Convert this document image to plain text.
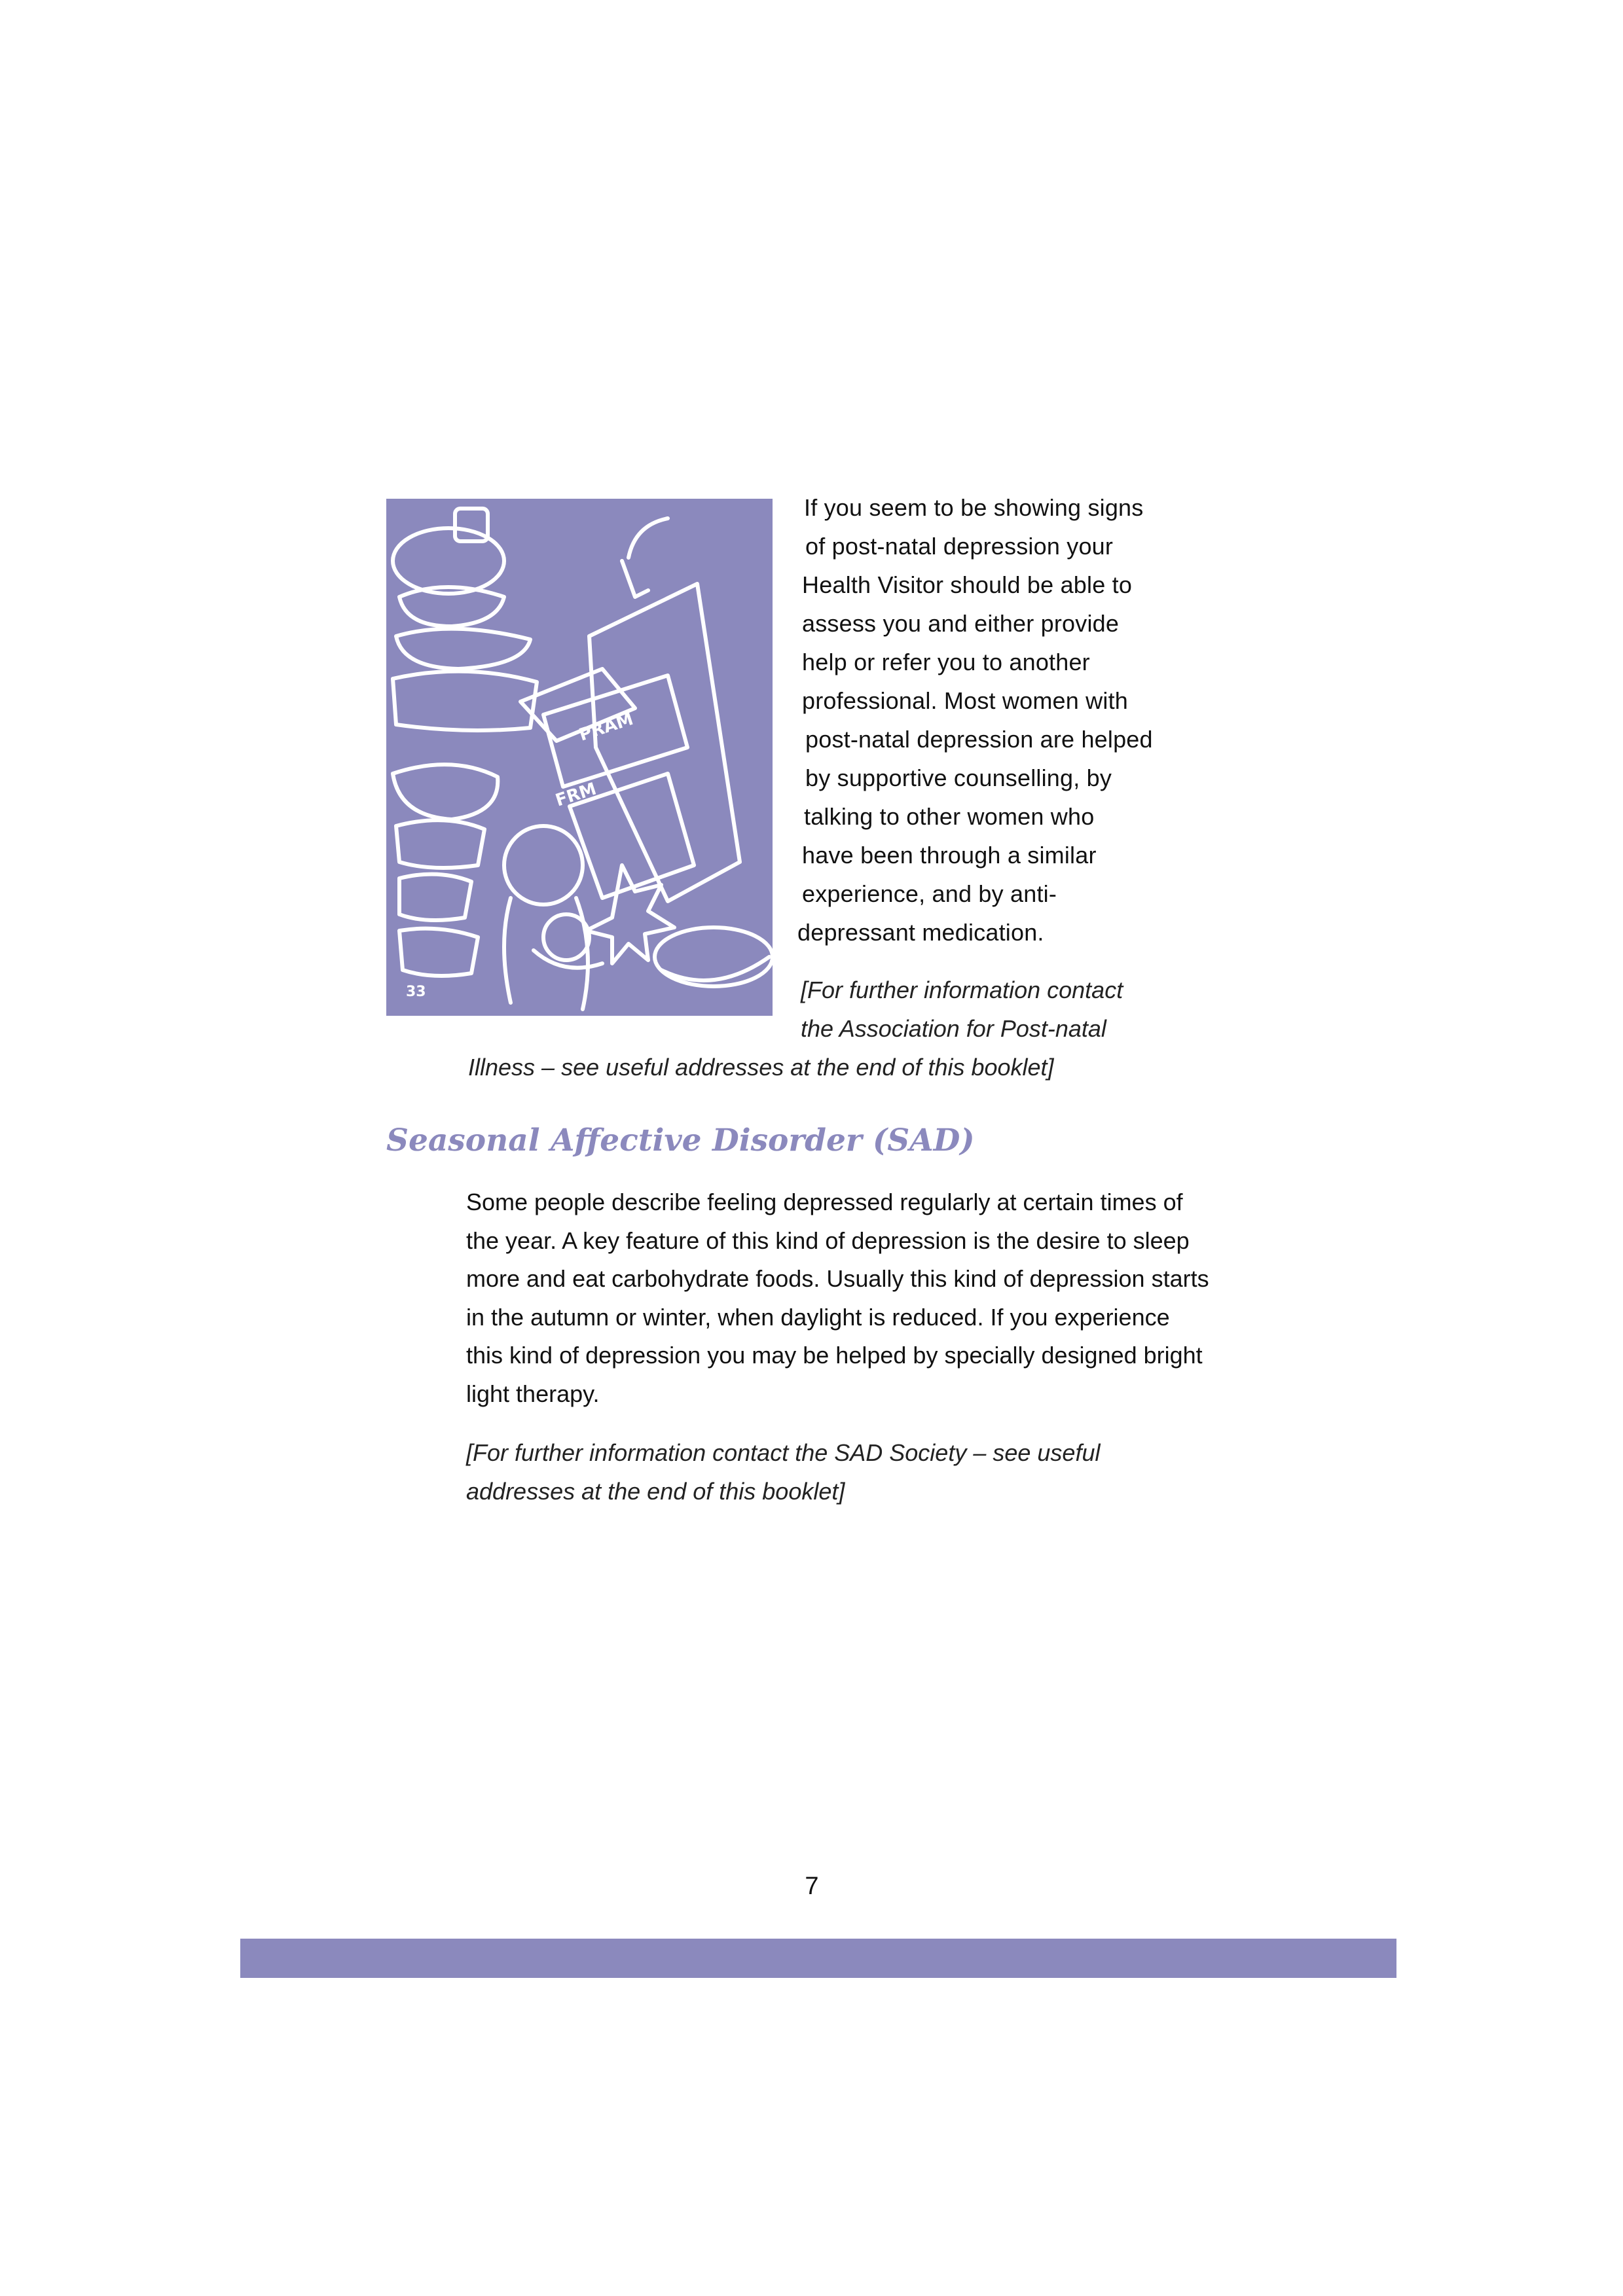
PRAM
FRM
33
If you seem to be showing signs
of post-natal depression your
Health Visitor should be able to
assess you and either provide
help or refer you to another
professional. Most women with
post-natal depression are helped
by supportive counselling, by
talking to other women who
have been through a similar
experience, and by anti-
depressant medication.
[For further information contact
the Association for Post-natal
Illness – see useful addresses at the end of this booklet]
Seasonal Affective Disorder (SAD)

Some people describe feeling depressed regularly at certain times of the year. A key feature of this kind of depression is the desire to sleep more and eat carbohydrate foods. Usually this kind of depression starts in the autumn or winter, when daylight is reduced. If you experience this kind of depression you may be helped by specially designed bright light therapy.

[For further information contact the SAD Society – see useful addresses at the end of this booklet]

7
